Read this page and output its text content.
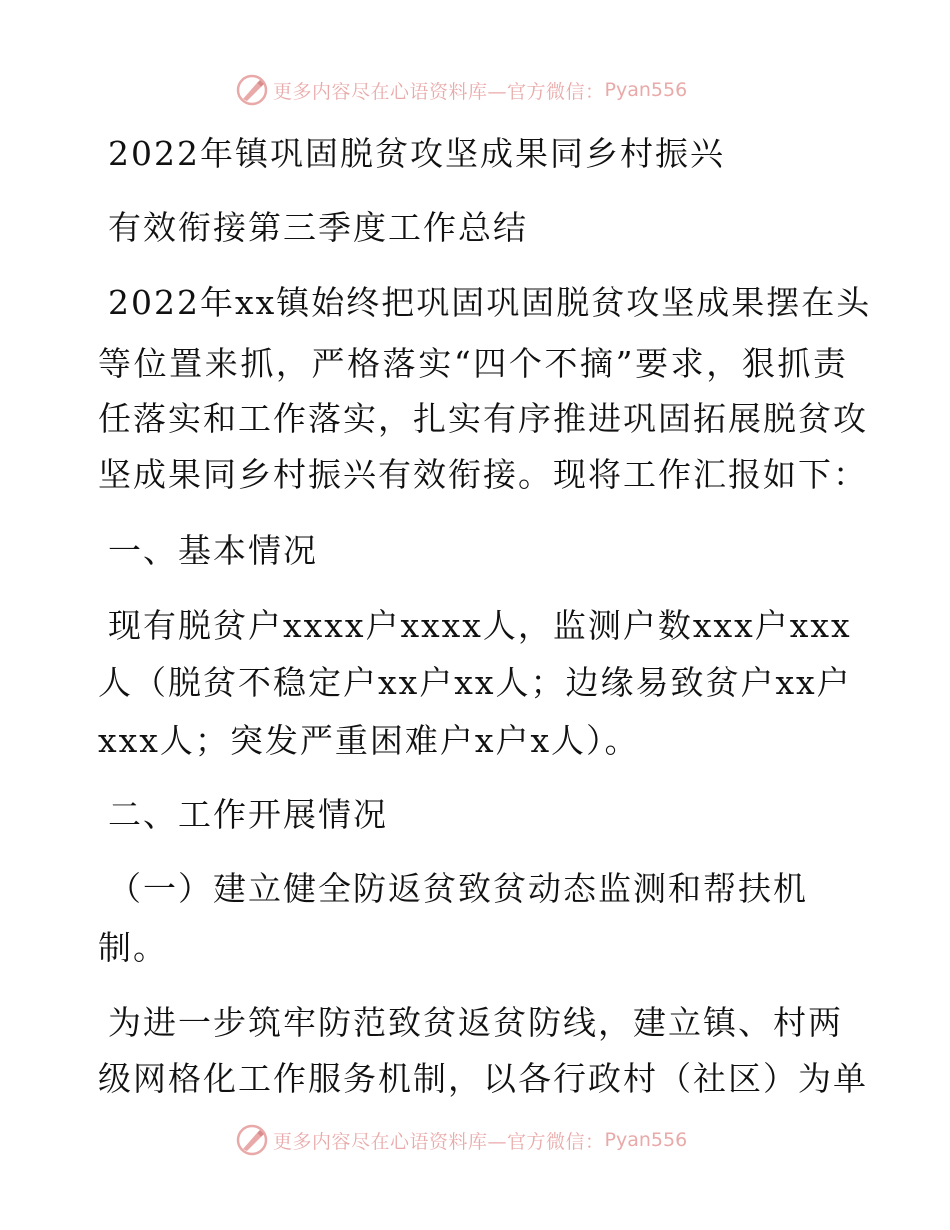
更多内容尽在心语资料库—官方微信： Pyan556
2022年镇巩固脱贫攻坚成果同乡村振兴
有效衔接第三季度工作总结
2022年xx镇始终把巩固巩固脱贫攻坚成果摆在头
等位置来抓，严格落实“四个不摘”要求，狠抓责
任落实和工作落实，扎实有序推进巩固拓展脱贫攻
坚成果同乡村振兴有效衔接。现将工作汇报如下：
一、基本情况
现有脱贫户xxxx户xxxx人，监测户数xxx户xxx
人（脱贫不稳定户xx户xx人；边缘易致贫户xx户
xxx人；突发严重困难户x户x人）。
二、工作开展情况
（一）建立健全防返贫致贫动态监测和帮扶机
制。
为进一步筑牢防范致贫返贫防线，建立镇、村两
级网格化工作服务机制，以各行政村（社区）为单
更多内容尽在心语资料库—官方微信： Pyan556
